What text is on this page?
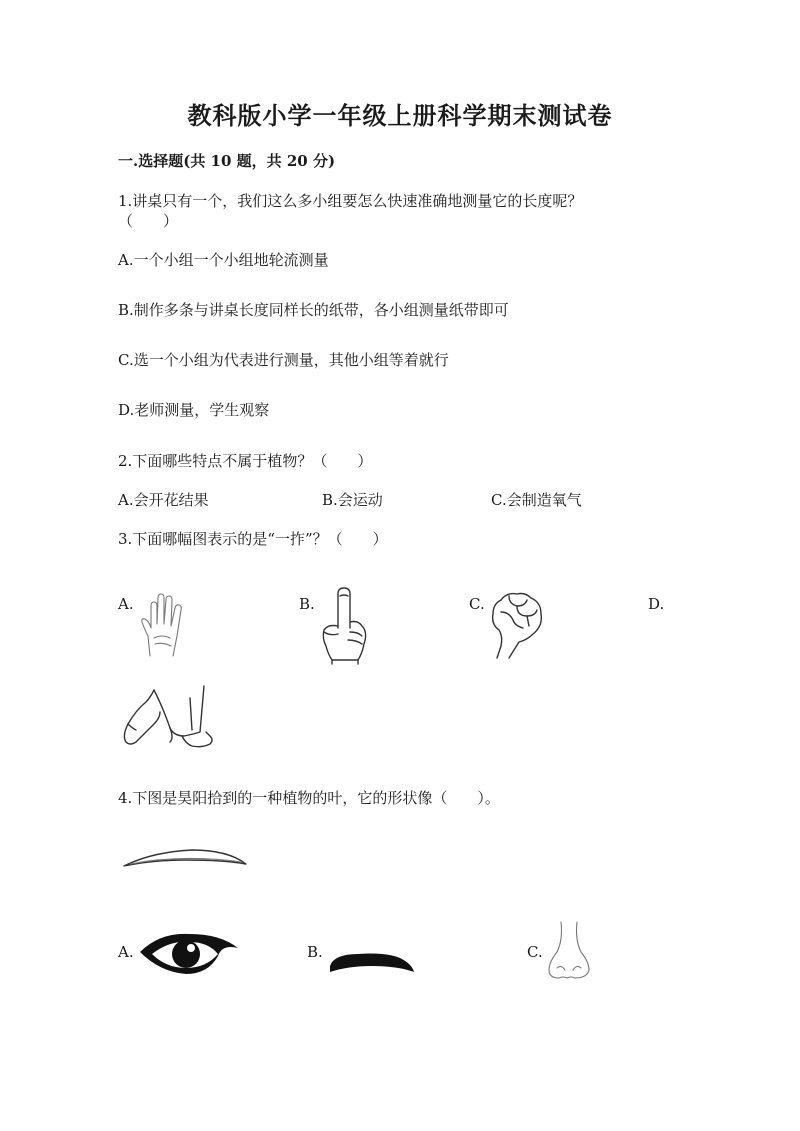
教科版小学一年级上册科学期末测试卷
一.选择题(共 10 题，共 20 分)
1.讲桌只有一个，我们这么多小组要怎么快速准确地测量它的长度呢？
（　　）
A.一个小组一个小组地轮流测量
B.制作多条与讲桌长度同样长的纸带，各小组测量纸带即可
C.选一个小组为代表进行测量，其他小组等着就行
D.老师测量，学生观察
2.下面哪些特点不属于植物？（　　）
A.会开花结果	B.会运动	C.会制造氧气
3.下面哪幅图表示的是“一拃”？（　　）
A.	B.	C.	D.
4.下图是昊阳拾到的一种植物的叶，它的形状像（　　）。
A.	B.	C.
